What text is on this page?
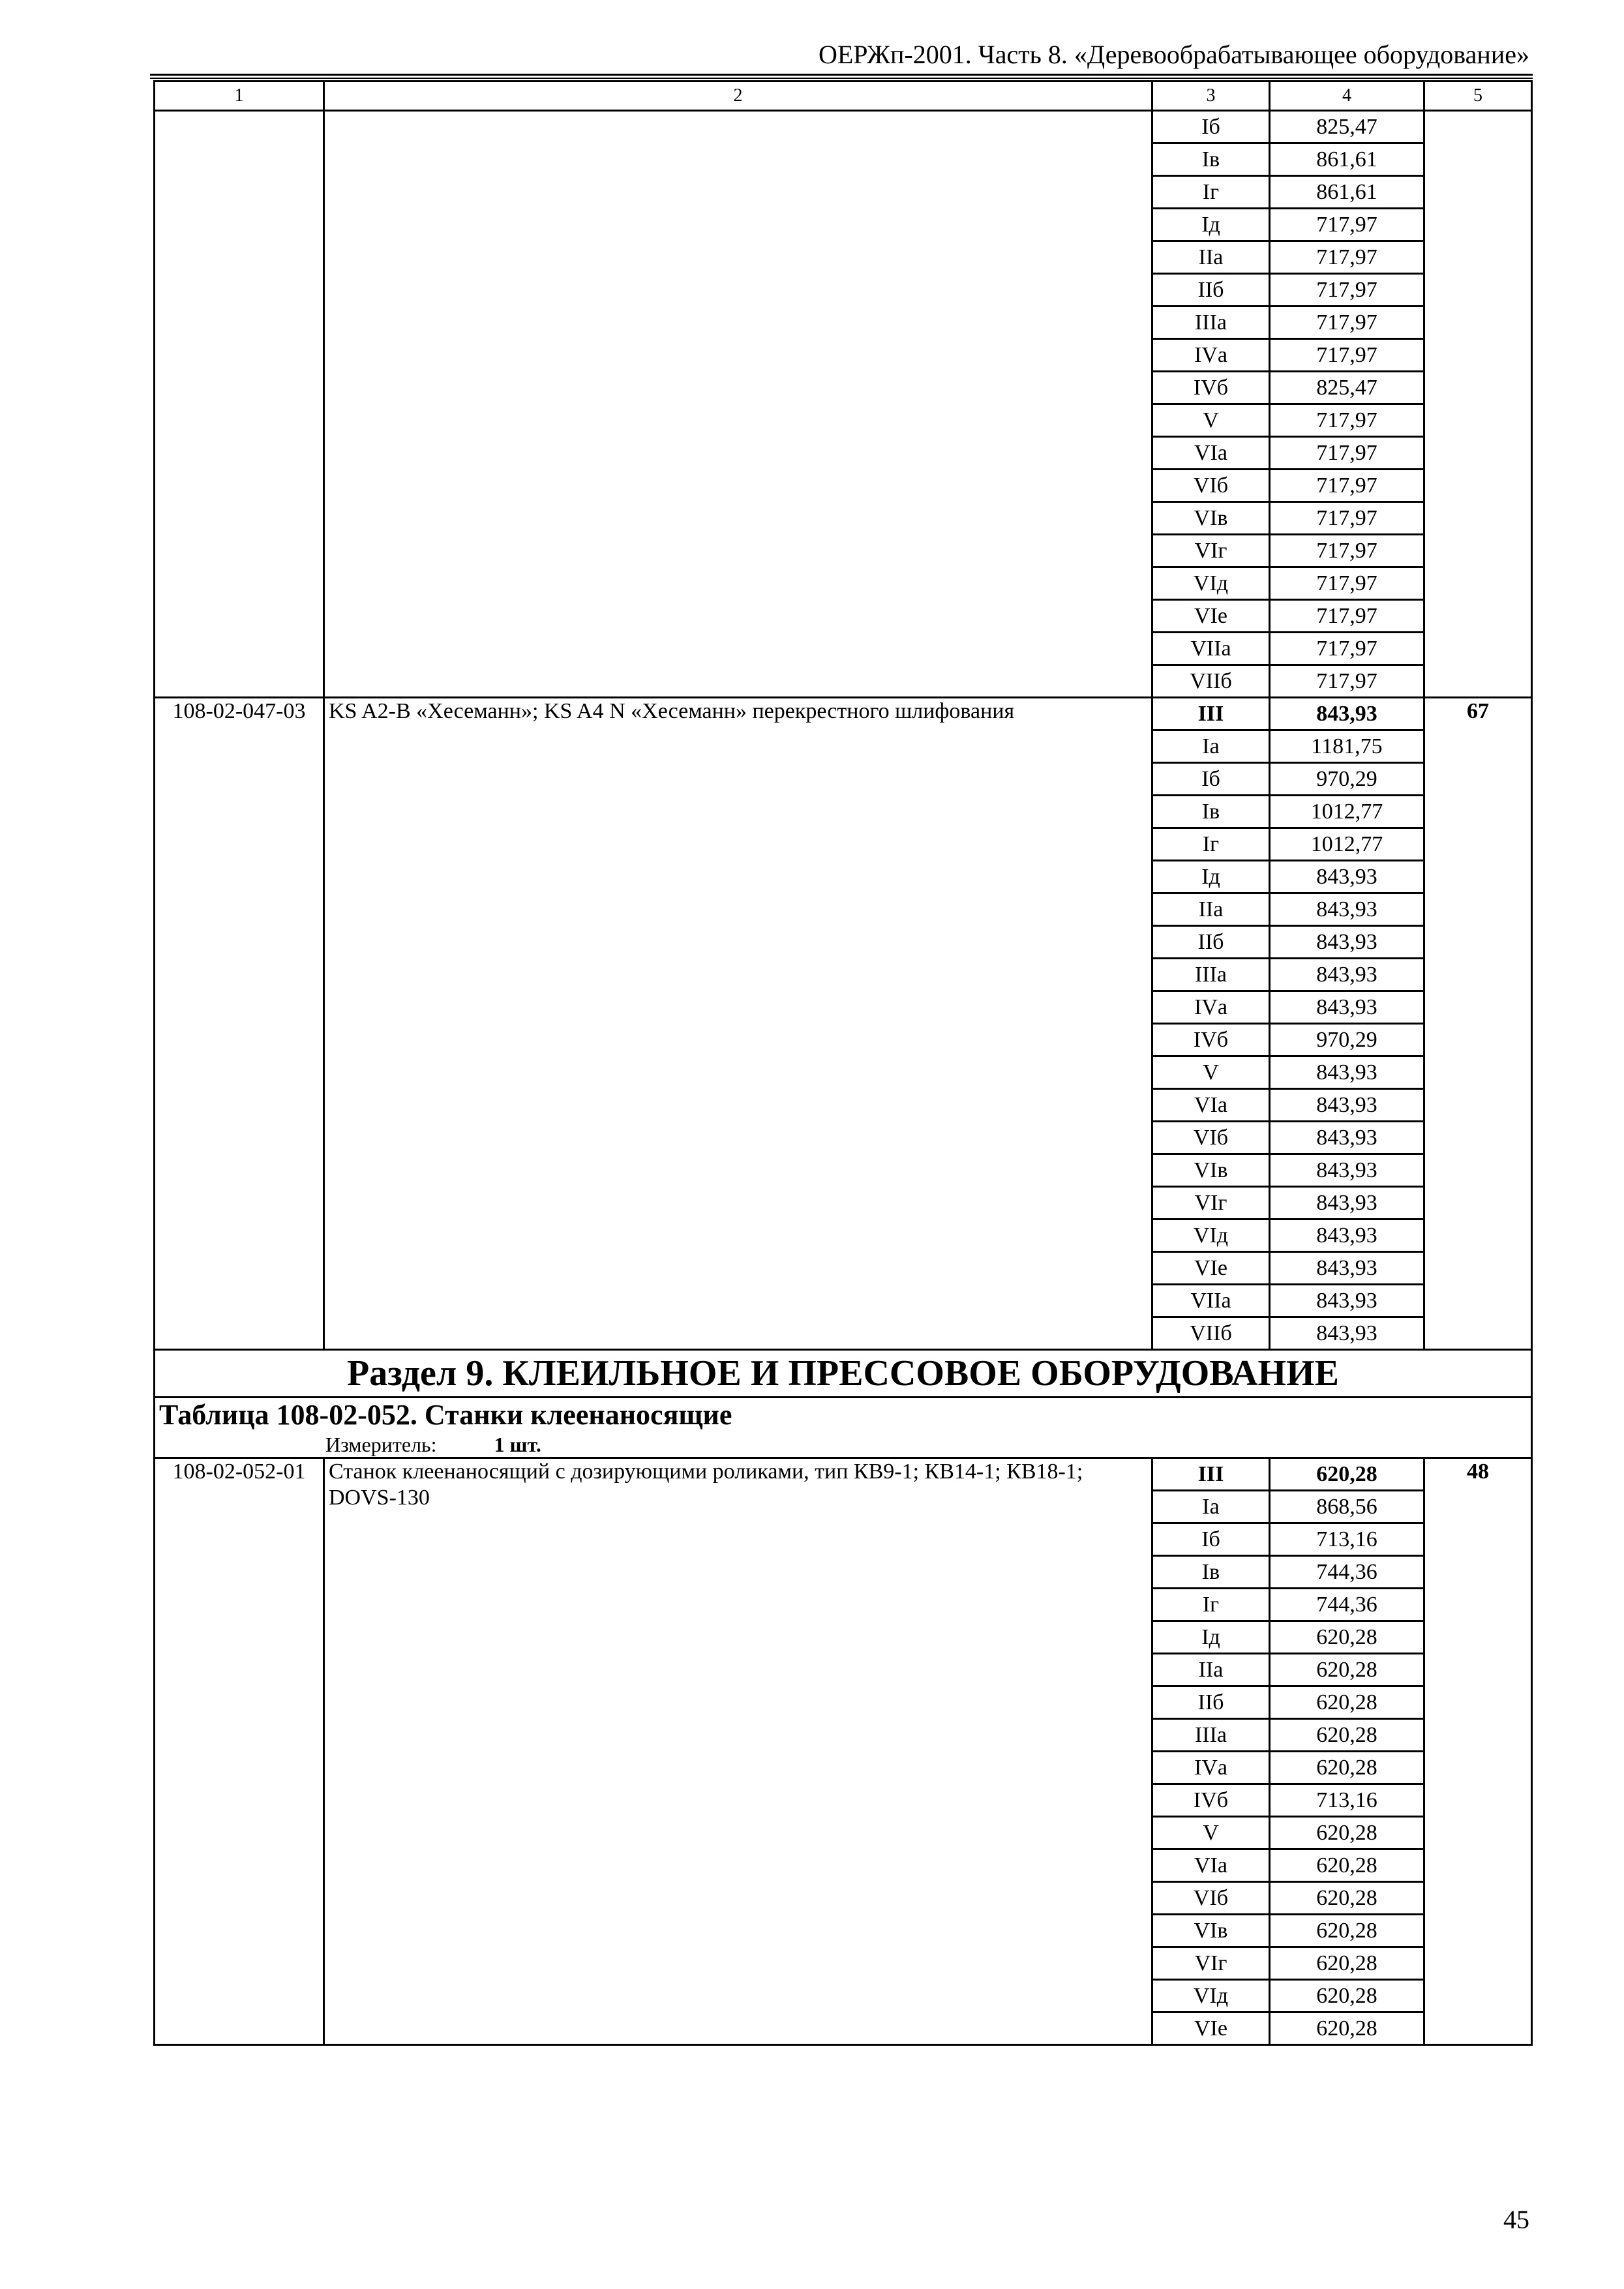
ОЕРЖп-2001. Часть 8. «Деревообрабатывающее оборудование»
1	2	3	4	5
		Iб	825,47	
		Iв	861,61	
		Iг	861,61	
		Iд	717,97	
		IIа	717,97	
		IIб	717,97	
		IIIа	717,97	
		IVа	717,97	
		IVб	825,47	
		V	717,97	
		VIа	717,97	
		VIб	717,97	
		VIв	717,97	
		VIг	717,97	
		VIд	717,97	
		VIе	717,97	
		VIIа	717,97	
		VIIб	717,97	
108-02-047-03	KS A2-B «Хесеманн»; KS A4 N «Хесеманн» перекрестного шлифования	III	843,93	67
		Iа	1181,75	
		Iб	970,29	
		Iв	1012,77	
		Iг	1012,77	
		Iд	843,93	
		IIа	843,93	
		IIб	843,93	
		IIIа	843,93	
		IVа	843,93	
		IVб	970,29	
		V	843,93	
		VIа	843,93	
		VIб	843,93	
		VIв	843,93	
		VIг	843,93	
		VIд	843,93	
		VIе	843,93	
		VIIа	843,93	
		VIIб	843,93	
Раздел 9. КЛЕИЛЬНОЕ И ПРЕССОВОЕ ОБОРУДОВАНИЕ				

Таблица 108-02-052. Станки клеенаносящие
Измеритель: 1 шт.				

108-02-052-01	Станок клеенаносящий с дозирующими роликами, тип КВ9-1; КВ14-1; КВ18-1; DOVS-130	III	620,28	48
		Iа	868,56	
		Iб	713,16	
		Iв	744,36	
		Iг	744,36	
		Iд	620,28	
		IIа	620,28	
		IIб	620,28	
		IIIа	620,28	
		IVа	620,28	
		IVб	713,16	
		V	620,28	
		VIа	620,28	
		VIб	620,28	
		VIв	620,28	
		VIг	620,28	
		VIд	620,28	
		VIе	620,28	
45
